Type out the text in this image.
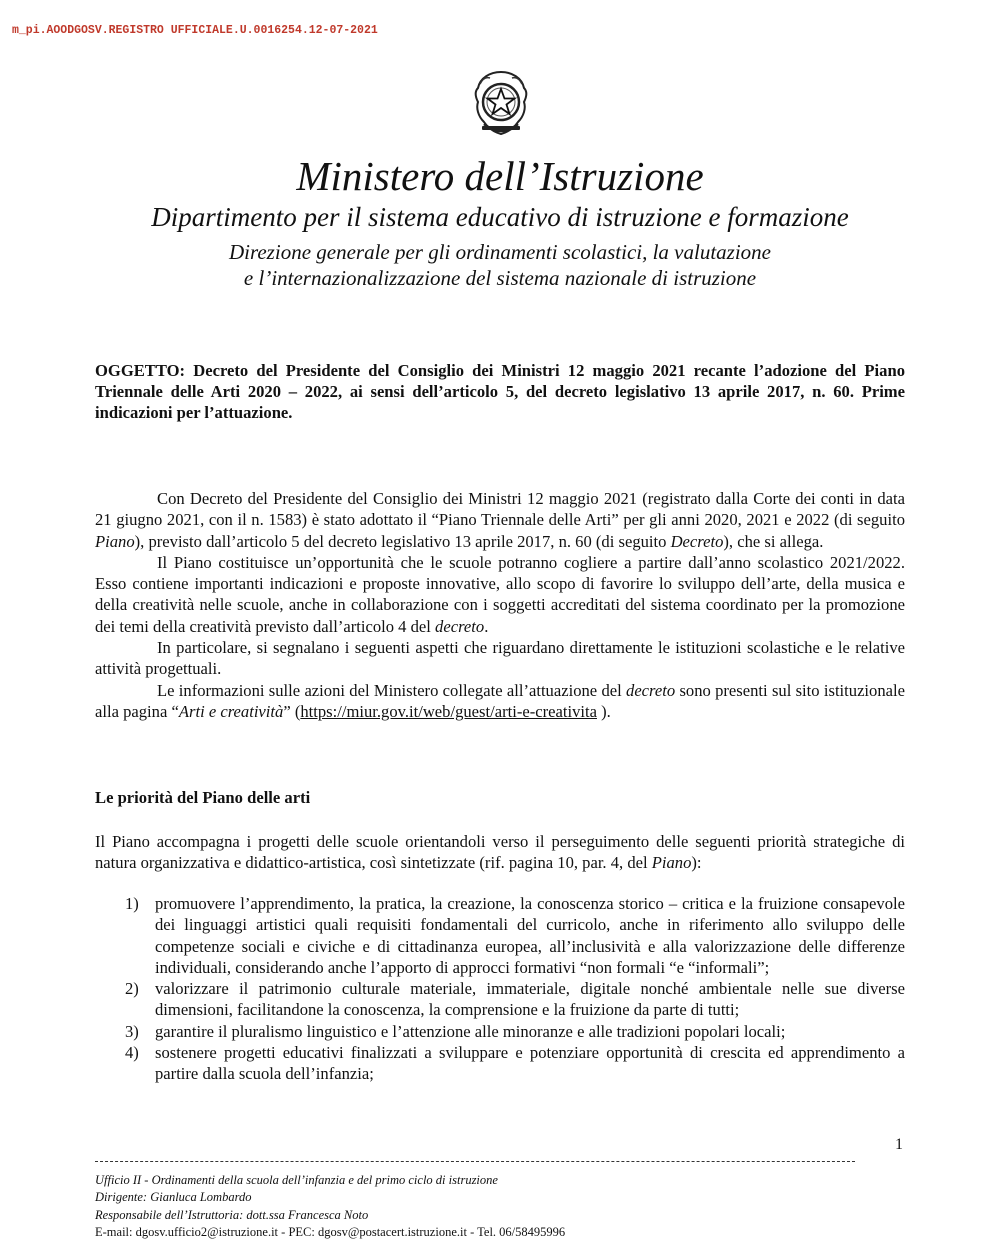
m_pi.AOODGOSV.REGISTRO UFFICIALE.U.0016254.12-07-2021
Ministero dell’Istruzione
Dipartimento per il sistema educativo di istruzione e formazione
Direzione generale per gli ordinamenti scolastici, la valutazione
e l’internazionalizzazione del sistema nazionale di istruzione
OGGETTO: Decreto del Presidente del Consiglio dei Ministri 12 maggio 2021 recante l’adozione del Piano Triennale delle Arti 2020 – 2022, ai sensi dell’articolo 5, del decreto legislativo 13 aprile 2017, n. 60. Prime indicazioni per l’attuazione.

Con Decreto del Presidente del Consiglio dei Ministri 12 maggio 2021 (registrato dalla Corte dei conti in data 21 giugno 2021, con il n. 1583) è stato adottato il “Piano Triennale delle Arti” per gli anni 2020, 2021 e 2022 (di seguito Piano), previsto dall’articolo 5 del decreto legislativo 13 aprile 2017, n. 60 (di seguito Decreto), che si allega.

Il Piano costituisce un’opportunità che le scuole potranno cogliere a partire dall’anno scolastico 2021/2022. Esso contiene importanti indicazioni e proposte innovative, allo scopo di favorire lo sviluppo dell’arte, della musica e della creatività nelle scuole, anche in collaborazione con i soggetti accreditati del sistema coordinato per la promozione dei temi della creatività previsto dall’articolo 4 del decreto.

In particolare, si segnalano i seguenti aspetti che riguardano direttamente le istituzioni scolastiche e le relative attività progettuali.

Le informazioni sulle azioni del Ministero collegate all’attuazione del decreto sono presenti sul sito istituzionale alla pagina “Arti e creatività” (https://miur.gov.it/web/guest/arti-e-creativita ).

Le priorità del Piano delle arti
Il Piano accompagna i progetti delle scuole orientandoli verso il perseguimento delle seguenti priorità strategiche di natura organizzativa e didattico-artistica, così sintetizzate (rif. pagina 10, par. 4, del Piano):
1) promuovere l’apprendimento, la pratica, la creazione, la conoscenza storico – critica e la fruizione consapevole dei linguaggi artistici quali requisiti fondamentali del curricolo, anche in riferimento allo sviluppo delle competenze sociali e civiche e di cittadinanza europea, all’inclusività e alla valorizzazione delle differenze individuali, considerando anche l’apporto di approcci formativi “non formali “e “informali”;
2) valorizzare il patrimonio culturale materiale, immateriale, digitale nonché ambientale nelle sue diverse dimensioni, facilitandone la conoscenza, la comprensione e la fruizione da parte di tutti;
3) garantire il pluralismo linguistico e l’attenzione alle minoranze e alle tradizioni popolari locali;
4) sostenere progetti educativi finalizzati a sviluppare e potenziare opportunità di crescita ed apprendimento a partire dalla scuola dell’infanzia;
1
Ufficio II - Ordinamenti della scuola dell’infanzia e del primo ciclo di istruzione
Dirigente: Gianluca Lombardo
Responsabile dell’Istruttoria: dott.ssa Francesca Noto
E-mail: dgosv.ufficio2@istruzione.it - PEC: dgosv@postacert.istruzione.it - Tel. 06/58495996
